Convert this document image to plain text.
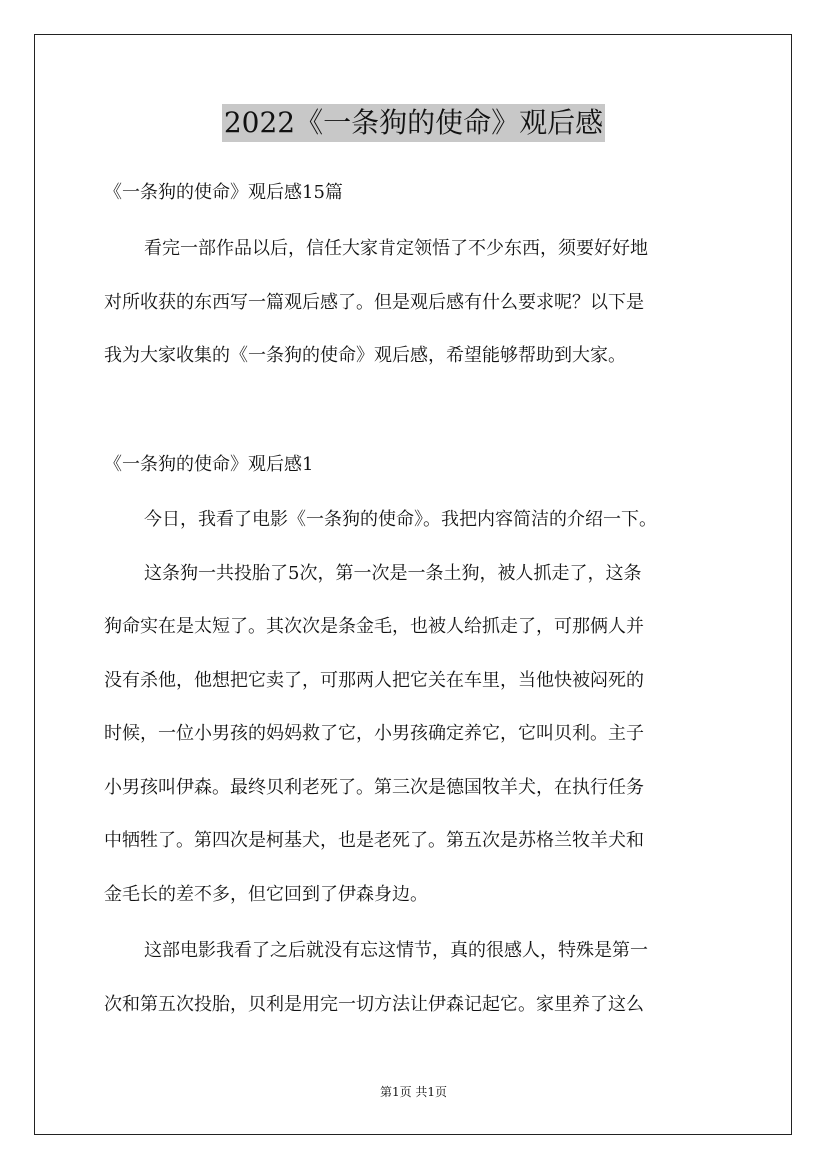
2022《一条狗的使命》观后感
《一条狗的使命》观后感15篇
看完一部作品以后，信任大家肯定领悟了不少东西，须要好好地
对所收获的东西写一篇观后感了。但是观后感有什么要求呢？以下是
我为大家收集的《一条狗的使命》观后感，希望能够帮助到大家。
《一条狗的使命》观后感1
今日，我看了电影《一条狗的使命》。我把内容简洁的介绍一下。
这条狗一共投胎了5次，第一次是一条土狗，被人抓走了，这条
狗命实在是太短了。其次次是条金毛，也被人给抓走了，可那俩人并
没有杀他，他想把它卖了，可那两人把它关在车里，当他快被闷死的
时候，一位小男孩的妈妈救了它，小男孩确定养它，它叫贝利。主子
小男孩叫伊森。最终贝利老死了。第三次是德国牧羊犬，在执行任务
中牺牲了。第四次是柯基犬，也是老死了。第五次是苏格兰牧羊犬和
金毛长的差不多，但它回到了伊森身边。
这部电影我看了之后就没有忘这情节，真的很感人，特殊是第一
次和第五次投胎，贝利是用完一切方法让伊森记起它。家里养了这么
第1页 共1页
